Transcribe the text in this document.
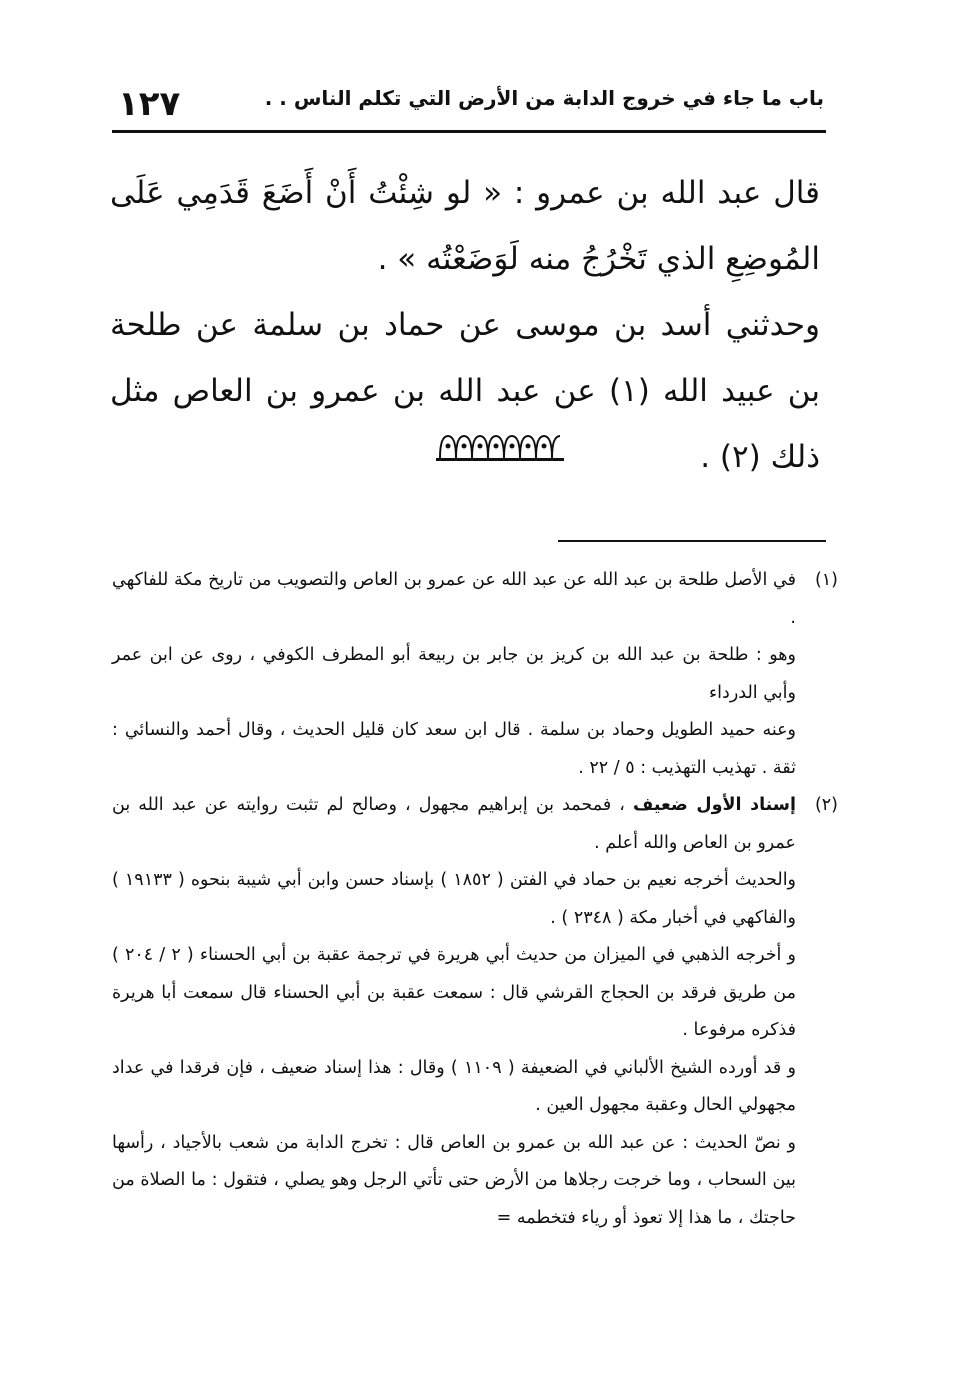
١٢٧	باب ما جاء في خروج الدابة من الأرض التي تكلم الناس . .

قال عبد الله بن عمرو : « لو شِئْتُ أَنْ أَضَعَ قَدَمِي عَلَى المُوضِعِ الذي تَخْرُجُ منه لَوَضَعْتُه » .

وحدثني أسد بن موسى عن حماد بن سلمة عن طلحة بن عبيد الله (١) عن عبد الله بن عمرو بن العاص مثل ذلك (٢) .

(١)

في الأصل طلحة بن عبد الله عن عبد الله عن عمرو بن العاص والتصويب من تاريخ مكة للفاكهي .

وهو : طلحة بن عبد الله بن كريز بن جابر بن ربيعة أبو المطرف الكوفي ، روى عن ابن عمر وأبي الدرداء

وعنه حميد الطويل وحماد بن سلمة . قال ابن سعد كان قليل الحديث ، وقال أحمد والنسائي : ثقة . تهذيب التهذيب : ٥ / ٢٢ .

(٢)

إسناد الأول ضعيف ، فمحمد بن إبراهيم مجهول ، وصالح لم تثبت روايته عن عبد الله بن عمرو بن العاص والله أعلم .

والحديث أخرجه نعيم بن حماد في الفتن ( ١٨٥٢ ) بإسناد حسن وابن أبي شيبة بنحوه ( ١٩١٣٣ ) والفاكهي في أخبار مكة ( ٢٣٤٨ ) .

و أخرجه الذهبي في الميزان من حديث أبي هريرة في ترجمة عقبة بن أبي الحسناء ( ٢ / ٢٠٤ ) من طريق فرقد بن الحجاج القرشي قال : سمعت عقبة بن أبي الحسناء قال سمعت أبا هريرة فذكره مرفوعا .

و قد أورده الشيخ الألباني في الضعيفة ( ١١٠٩ ) وقال : هذا إسناد ضعيف ، فإن فرقدا في عداد مجهولي الحال وعقبة مجهول العين .

و نصّ الحديث : عن عبد الله بن عمرو بن العاص قال : تخرج الدابة من شعب بالأجياد ، رأسها بين السحاب ، وما خرجت رجلاها من الأرض حتى تأتي الرجل وهو يصلي ، فتقول : ما الصلاة من حاجتك ، ما هذا إلا تعوذ أو رياء فتخطمه =
